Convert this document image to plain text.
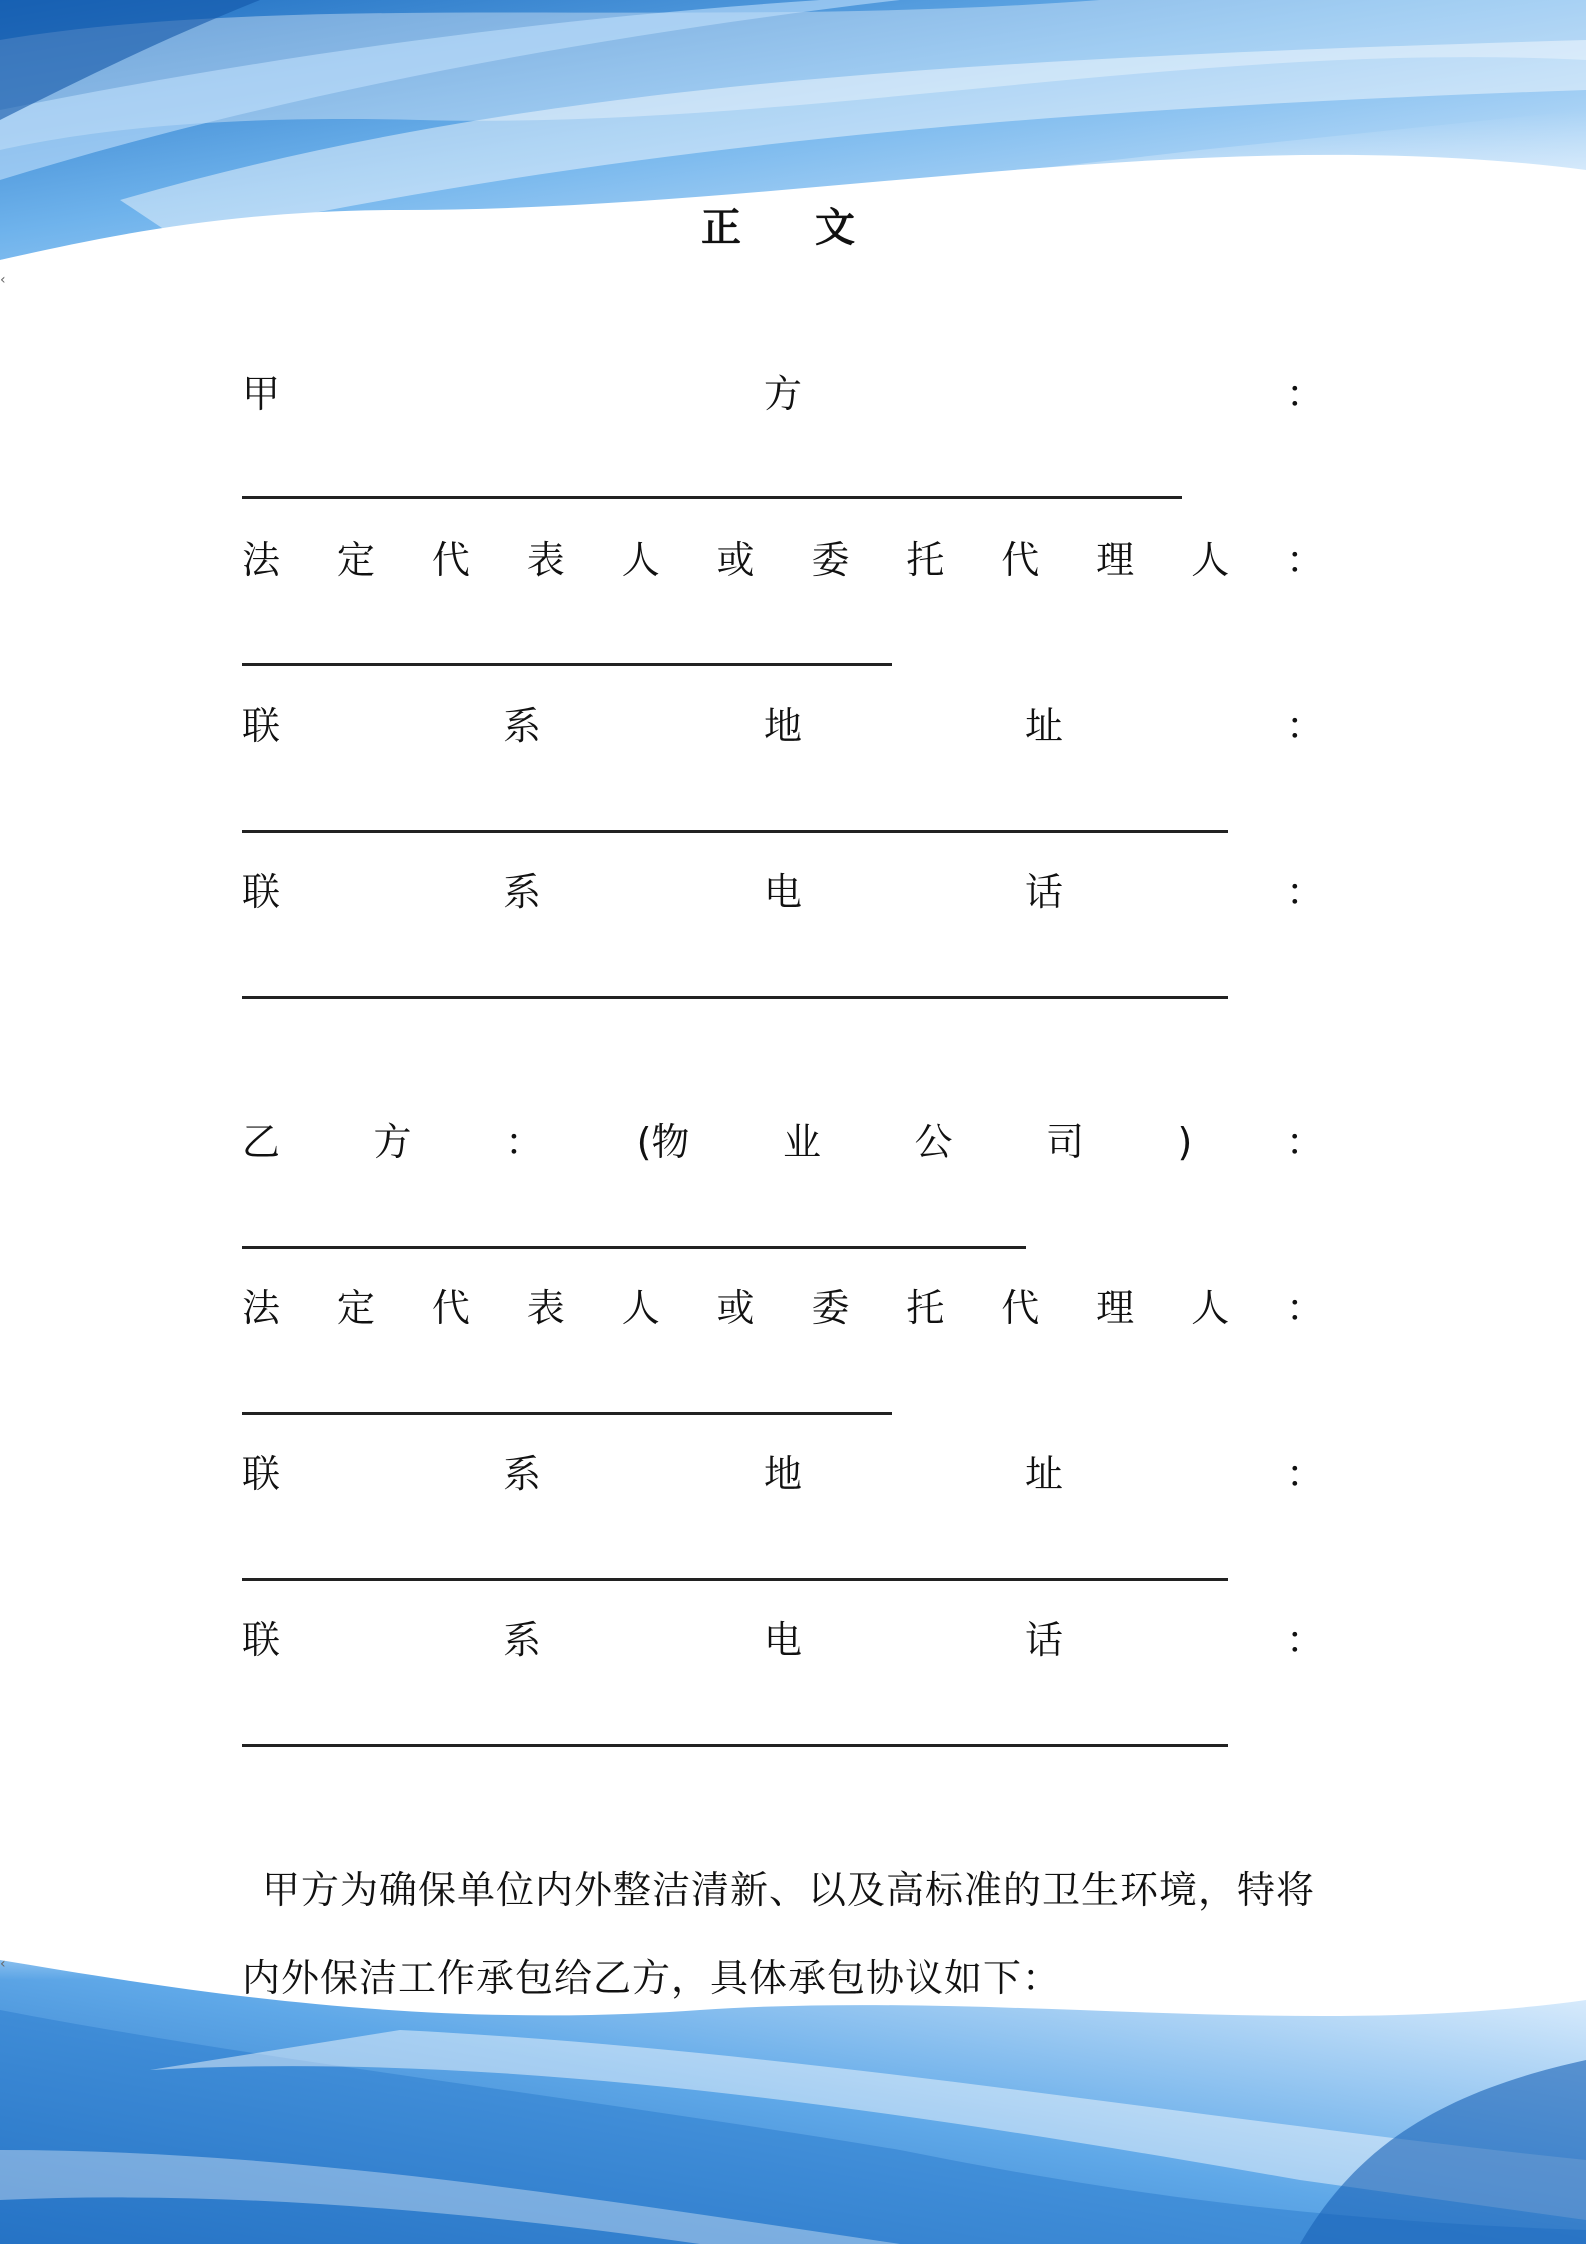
‹
‹
正 文
甲	方	：
法 定 代 表 人 或 委 托 代 理 人 ：
联	系	地	址	：
联	系	电	话	：
乙 方 ： (物 业 公 司 ) ：
法 定 代 表 人 或 委 托 代 理 人 ：
联	系	地	址	：
联	系	电	话	：
甲方为确保单位内外整洁清新、以及高标准的卫生环境，特将
内外保洁工作承包给乙方，具体承包协议如下：
